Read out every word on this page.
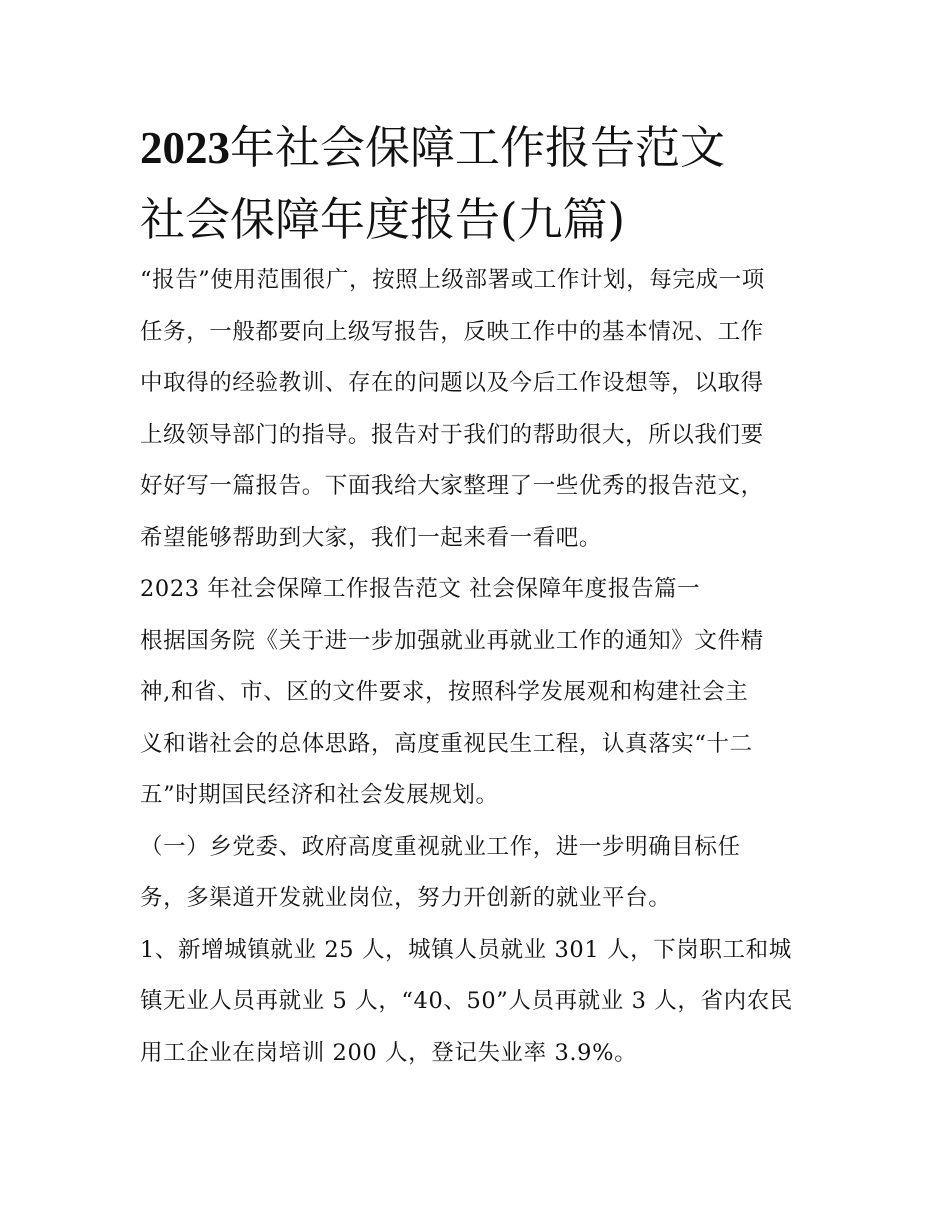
2023年社会保障工作报告范文
社会保障年度报告(九篇)

“报告”使用范围很广，按照上级部署或工作计划，每完成一项
任务，一般都要向上级写报告，反映工作中的基本情况、工作
中取得的经验教训、存在的问题以及今后工作设想等，以取得
上级领导部门的指导。报告对于我们的帮助很大，所以我们要
好好写一篇报告。下面我给大家整理了一些优秀的报告范文，
希望能够帮助到大家，我们一起来看一看吧。

2023 年社会保障工作报告范文 社会保障年度报告篇一

根据国务院《关于进一步加强就业再就业工作的通知》文件精
神,和省、市、区的文件要求，按照科学发展观和构建社会主
义和谐社会的总体思路，高度重视民生工程，认真落实“十二
五”时期国民经济和社会发展规划。

（一）乡党委、政府高度重视就业工作，进一步明确目标任
务，多渠道开发就业岗位，努力开创新的就业平台。

1、新增城镇就业 25 人，城镇人员就业 301 人，下岗职工和城
镇无业人员再就业 5 人，“40、50”人员再就业 3 人，省内农民
用工企业在岗培训 200 人，登记失业率 3.9%。
